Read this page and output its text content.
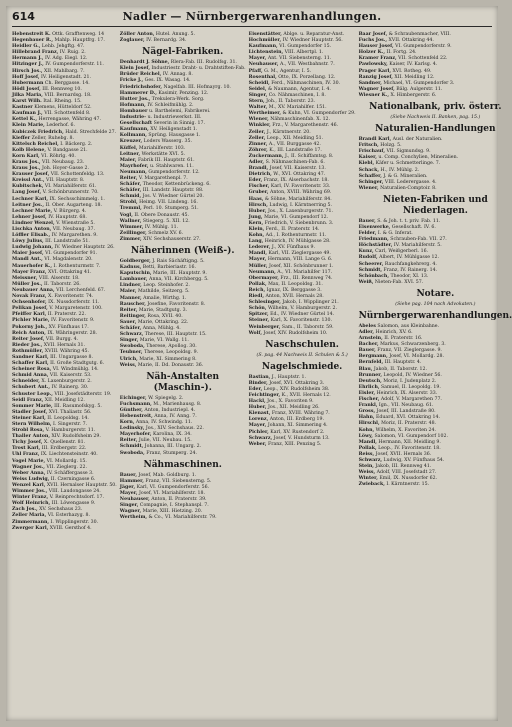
614	Nadler — Nürnbergerwarenhandlungen.
Hebenstreit K. Ottk. Grafftenweg. 14
Hegenbauer R., Mahlp. Hauptfrg. 17.
Heidler G., Lehb. Jehgftg. 47.
Hillebrand Franz, IV. Ruig. 2.
Hermann J., IV. Adg. Eiegl. 12.
Hitzinger J., IV. Gumpendorferstr. 11.
Hirsch Jos., XII. Mahlbarg. 7.
Hoff Josef, IV. Heiligenstadt. 21.
Hubermann Ch. Berggasse. 14.
Hödl Josef, III. Rennweg 10.
Jilka Maria, VIII. Bernardsg. 18.
Karst Wilh. Ital. Rheing. 15.
Kastner Klemens, Hütteldorf 52.
Kaufman J., VII. Schottenfeld 8.
Kettel K., Herrengasse, Währing 47.
Klein Marie, Lederhof. 6.
Kubiczek Friedrich, Hald. Strechfelde 27.
Kieffer Zeller, Ruhebg. 8.
Kittelsch Reichel, I. Bäckerg. 2.
Kolb Helene, V. Bandgasse 21.
Korn Karl, VI. Röhrlg. 40.
Kraus Jos., VII. Neubaug. 23.
Kraus Jos., Joh. Hoyer-Gasse 2.
Krauser Josef, VII. Schottenfeldg. 13.
Kreissl Ant., VII. Hauptstr. 8.
Kubitschek, VI. Mariahilferstr. 61.
Lang Josef, V. Schönbrunnerstr. 70.
Lechner Karl, IX. Sechsschimmelg. 1.
Leitner Jos., II. Ober. Augarteng. 18.
Lechner Marie, V. Bürgerg. 4.
Lehner Josef, IV. Hauptstr. 68.
Lindner Wenzel, V. Wienstraße 5.
Lischka Anton, VII. Neubaug. 37.
Löffler Elisab., IV. Margarethen. 9.
Löwy Julius, III. Landstraße 51.
Ludwig Johann, IV. Wiedner Hauptstr. 26.
Maier Josef, VI. Gumpendorfer 91.
Mandl Ant., VI. Magdalenstr. 20.
Mauerhofer K., I. Rothenturmstr. 7.
Mayer Franz, XVI. Ottakring 41.
Meissner, VIII. Alserstr. 18.
Müller Jos., II. Taborstr. 26.
Neubauer Anna, VII. Lerchenfeld. 67.
Novak Franz, X. Favoritenstr. 74.
Ochsenhofer, IX. Nussdorferstr. 11.
Pelikan Josef, V. Margaretenstr. 100.
Pfeiffer Karl, II. Praterstr. 22.
Pichler Marie, IV. Favoritenstr. 9.
Pokorny Joh., XV. Fünfhaus 17.
Reich Anton, IX. Währingerstr. 28.
Reiter Josef, VII. Burgg. 4.
Rieder Jos., XVII. Hernals 31.
Rothmüller, XVIII. Währing 45.
Sandner Karl, III. Ungargasse 8.
Schaffer Karl, II. Große Stadtgutg. 6.
Scheiner Rosa, VI. Windmühlg. 14.
Schmid Anna, VII. Kaiserstr. 53.
Schneider, X. Laxenburgerstr. 2.
Schubert Ant., IV. Rainerg. 30.
Schuster Leop., VIII. Josefstädterstr. 19.
Seidl Franz, XII. Meidling 12.
Sommer Marie, III. Rasumofskyg. 5.
Stadler Josef, XVI. Thaliastr. 56.
Steiner Karl, II. Leopoldsg. 14.
Stern Wilhelm, I. Singerstr. 7.
Strobl Rosa, V. Hamburgerstr. 11.
Thaller Anton, XIV. Rudolfsheim 29.
Tichy Josef, X. Quellenstr. 81.
Trost Karl, III. Erdbergstr. 22.
Uhl Franz, IX. Liechtensteinstr. 40.
Vogel Marie, VI. Mollardg. 15.
Wagner Jos., VII. Zieglerg. 22.
Weber Anna, IV. Schäffergasse 3.
Weiss Ludwig, II. Czerningasse 6.
Wenzel Karl, XVII. Hernalser Hauptstr. 50.
Wimmer Jos., VIII. Laudongasse 24.
Winter Franz, V. Reinprechtsdorf. 17.
Wolf Heinrich, III. Löwengasse 9.
Zach Jos., XV. Sechshaus 23.
Zeller Maria, VI. Esterhazyg. 8.
Zimmermann, I. Wipplingerstr. 30.
Zwerger Karl, XVIII. Gersthof 4.
Zöller Anton, Hutel. Anung. 5.
Zoglauer, IV. Bernardg. 34.
Nägel-Fabriken.
Denhardt J. Söhne, Rlera-Fab. III. Rudolfsg. 31.
Klein Josef, Industriestr. Draht- u. Drahtstiften-Fab.
Brüder Reichel, IV. Annag. 8.
Fricke J., Ges. IX. Wasag. 14.
Friedrichshofer, Nagelfab. III. Hofmayrg. 10.
Hammerer D., Kasimir, Penzing. 12.
Hutter Jos., Trekulera-Werk. Sorg.
Hofmann, IV. Schleifmühlg. 2.
Hombauer u. Barthelemi, Fabrikerei.
Industrie- u. Industriewerkst. III.
Gesellschaft Severin in Sinnig. 17.
Kaufmann, XV. Heiligenstadt 1.
Kollmann, Sprüng. Hausgasse 1.
Kreuzer, Loders Wasserg. 35.
Küffel, Mariahilferstr. 103.
Leitner, Werkstätte XVI. 5.
Maier, Fabrik III. Hauptstr. 61.
Mayrhofer, u. Stahlwaren. 11.
Neumann, Gumpendorferstr. 12.
Reiter, V. Margarethenpl. 7.
Schäfer, Theodor, Kettenbrückeng. 6.
Schäfer, III. Landstr. Hauptstr. 88.
Schmid, Jos. V. Wiedner Gürtel 20.
Strobl, Heimg. VII. Lindeng. 16.
Tremml, Perl. 10. Stumperg. 51.
Vogl, II. Obere Donaustr. 45.
Wallner, Stiegerg. 5. XII. 12.
Wimmer, IV. Mühlg. 11.
Zeillinger, Schmelz XV. 6.
Zimmer, XIV. Sechshauserstr. 27.
Näherinnen (Weiß-).
Goldberger, J. Rais Sächäftigng. 5.
Kadnus, Betti, Barbieriastr. 16.
Kaputschin, Marie, III. Hauptstr. 9.
Lambauer, Anna, VII. Kirchbergg. 5.
Lindner, Leop. Steinhofer. 2.
Maier, Mathilde, Seitzerg. 5.
Manner, Amalie, Wirthg. 1.
Rauscher, Josefine, Favoritenstr. 8.
Reiter, Marie, Stadtgutg. 3.
Reitinger, Rosa, XVII. 40.
Sauer, Marie, Ottakring. 22.
Schäfer, Anna, Mühlg. 4.
Schwarz, Therese, III. Hauptstr. 15.
Singer, Marie, VI. Wallg. 11.
Swoboda, Therese, Apollog. 30.
Teubner, Therese, Leopoldsg. 9.
Ulrich, Marie, XI. Simmering 8.
Weiss, Marie, II. Dd. Donaustr. 36.
Näh-Anstalten (Maschin-).
Eichinger, W. Spiegelg. 2.
Fuchsmann, M., Marienhausg. 8.
Günther, Anton, Industriepl. 4.
Hebenstreit, Anna, IV. Anng. 7.
Korn, Anna, IV. Schwindg. 11.
Ledinsky, Jos., XIV. Sechshaus. 22.
Mayerhofer, Karolina, IX. 34.
Reiter, Julie, VII. Neubau. 15.
Schmidt, Johanna, III. Ungarg. 2.
Swoboda, Franz, Stumperg. 24.
Nähmaschinen.
Bauer, Josef, Mab. Goldburg. 1.
Hammer, Franz, VII. Siebensterng. 5.
Jäger, Karl, VI. Gumpendorferstr. 56.
Mayer, Josef, VI. Mariahilferstr. 18.
Neuhauser, Anton, II. Praterstr. 39.
Singer, Compagnie, I. Stephanspl. 7.
Wagner, Marie, XIII. Hietzing. 20.
Wertheim, & Co., VI. Mariahilferstr. 79.
Eisenstätter, Ablge. u. Reparatur-Anst.
Hochmüller, IV. Wiedner Hauptstr. 56.
Kaufmann, VI. Gumpendorfer 15.
Lichtenstein, VIII. Albertpl. 1.
Mayer, Ant. VII. Siebensterng. 11.
Neuhauser, A., VII. Westbahnstr. 7.
Pfaff, G. M., Agentur, I. 5.
Rosenthal, Otto, IX. Porzellang. 12.
Scheidl, Ferd., Nähmaschinen, IV. 30.
Seidel, & Naumann, Agentur, I. 4.
Singer, Co. Nähmaschinen, I. 8.
Stern, Joh., II. Taborstr. 23.
Walter, M., XV. Mariahilfer. 151.
Wertheimer, & Kuhn, VI. Gumpendorfer 29.
Wiener, Nähmaschinenfab. X. 12.
Winkler, Frz., V. Margarethenstr. 46.
Zeiler, J., Kärntnerstr. 20.
Zeller, Leop., XII. Meidling 51.
Zinner, A., VII. Burggasse 42.
Zöhrer, K., III. Landstraße 17.
Zuckermann, J., II. Schiffamtsg. 8.
Adler, S. Nähmaschinen-Fab. 6.
Brandl, Josef, VII. Kaiserstr. 13.
Dietrich, W., XVI. Ottakring 47.
Eder, Franz, IX. Alserbachstr. 18.
Fischer, Karl, IV. Favoritenstr. 33.
Gruber, Anton, XVIII. Währing 69.
Haas, & Söhne, Mariahilferstr. 84.
Hirsch, Ludwig, I. Kärntnerring 5.
Huber, Jos., X. Laxenburgerstr. 71.
Jung, Marie, VI. Gumpendorf 12.
Kern, Friedrich, V. Siebenbrunn. 3.
Klein, Ferd., II. Praterstr. 14.
Kohn, Ad., I. Rothenturmstr. 11.
Lang, Heinrich, IV. Mühlgasse 28.
Lederer, J., XV. Fünfhaus 9.
Mandl, Karl, VII. Zieglergasse 49.
Mayer, Hermann, VIII. Lange G. 6.
Müller, Josef, XII. Schönbrunner 1.
Neumann, A., VI. Mariahilfer 117.
Obermayer, Frz., III. Rennweg 74.
Pollak, Max, II. Leopoldsg. 31.
Reich, Ignaz, IX. Berggasse 3.
Riedl, Anton, XVII. Hernals 28.
Schlesinger, Jakob, I. Wipplinger 21.
Schön, Wilhelm, V. Hamburgerstr. 2.
Spitzer, Ed., IV. Wiedner Gürtel 14.
Steiner, Karl, X. Favoritenstr. 130.
Weinberger, Sam., II. Taborstr. 59.
Wolf, Josef, XIV. Rudolfsheim 10.
Naschschulen.
(S. pag. 44 Nachweis II. Schulen & 5.)
Nagelschmiede.
Bastian, J., Hauptstr. 1.
Binder, Josef, XVI. Ottakring 3.
Eder, Leop., XIV. Rudolfsheim 38.
Feichtinger, K., XVII. Hernals 12.
Hackl, Jos., X. Favoriten 9.
Huber, Jos., XII. Meidling 26.
Kienast, Franz, XVIII. Währing 7.
Lorenz, Anton, III. Erdberg 19.
Mayer, Johann, XI. Simmering 4.
Pichler, Karl, XV. Rustendorf 2.
Schwarz, Josef, V. Hundsturm 13.
Weber, Franz, XIII. Penzing 5.
Baar Josef, & Schraubenmacher, VIII.
Fuchs Jos., XVII. Ottakring 44.
Hauser Josef, VI. Gumpendorferstr. 9.
Holzer K., II. Fortg. 24.
Kramer Franz, VII. Schottenfeld 22.
Pawlowsky, Kaiser, IV. Karlsg. 4.
Prager Karl, XVI. Rotheg. 49.
Ranzig Josef, XII. Meidling 12.
Sandner, Michael, VI. Gumpendorfer 3.
Wagner Josef, Bälg. Aulgerstr. 11.
Wiesner K., X. Himbergerstr. 6.
Nationalbank, priv. österr.
(Siehe Nachweis II. Banken, pag. 15.)
Naturalien-Handlungen
Brandl Karl, Ausl. der Naturalien.
Fritsch, Holzg. 5.
Frischauf, VII. Sigmundsg. 9.
Kaiser, u. Comp. Conchylien, Mineralien.
Kiebl, Käfer u. Schmetterlinge. 7.
Schack, H., IV. Mühlg. 2.
Schaffer, J. & G. Mineralien.
Schinger, VIII. Lederergasse. 4.
Wiener, Naturalien-Comptoir. 8.
Nieten-Fabriken und Niederlagen.
Bauer, S. & Joh. t. t. priv. Fab. 11.
Eisenwerke, Gesellschaft. IV. 6.
Felder, I. & G. Inferat.
Friedmann, Schrauben-Fab. VII. 27.
Höchstädter, IV. Mariahilferstr. 5.
Kunz, Carl, Weißgerberl. 16.
Rudolf, Albert, IV. Mühlgasse 12.
Scheerer, Rauchfangkehrerg. 4.
Schmidt, Franz, IV. Rainerg. 14.
Schönbach, Theodor, XI. 13.
Weiß, Nieten-Fab. XVI. 57.
Notare.
(Siehe pag. 104 nach Advokaten.)
Nürnbergerwarenhandlungen.
Abeles Salomon, aus Kleinbahne.
Adler, Heinrich, XV. 6.
Arnstein, II. Praterstr. 16.
Bacher, Markus, Schwarzenberg. 3.
Bauer, Franz, VII. Zieglergasse. 9.
Bergmann, Josef, VI. Mollardg. 28.
Bernfeld, III. Hauptstr. 4.
Blau, Jakob, II. Taborstr. 12.
Brunner, Leopold, IV. Wiedner 56.
Deutsch, Moriz, I. Judenplatz 2.
Ehrlich, Samuel, II. Leopoldg. 19.
Eisler, Heinrich, IX. Alserstr. 33.
Fischer, Adolf, V. Margarethen 77.
Frankl, Ign., VII. Neubaug. 61.
Gross, Josef, III. Landstraße 80.
Hahn, Eduard, XVI. Ottakring 14.
Hirschl, Moriz, II. Praterstr. 48.
Kohn, Wilhelm, X. Favoriten 24.
Löwy, Salomon, VI. Gumpendorf 102.
Mandl, Hermann, XII. Meidling 9.
Pollak, Leop., IV. Favoritenstr. 18.
Reiss, Josef, XVII. Hernals 36.
Schwarz, Ludwig, XV. Fünfhaus 54.
Stein, Jakob, III. Rennweg 41.
Weiss, Adolf, VIII. Josefstadt 27.
Winter, Emil, IX. Nussdorfer 62.
Zwieback, I. Kärntnerstr. 15.
